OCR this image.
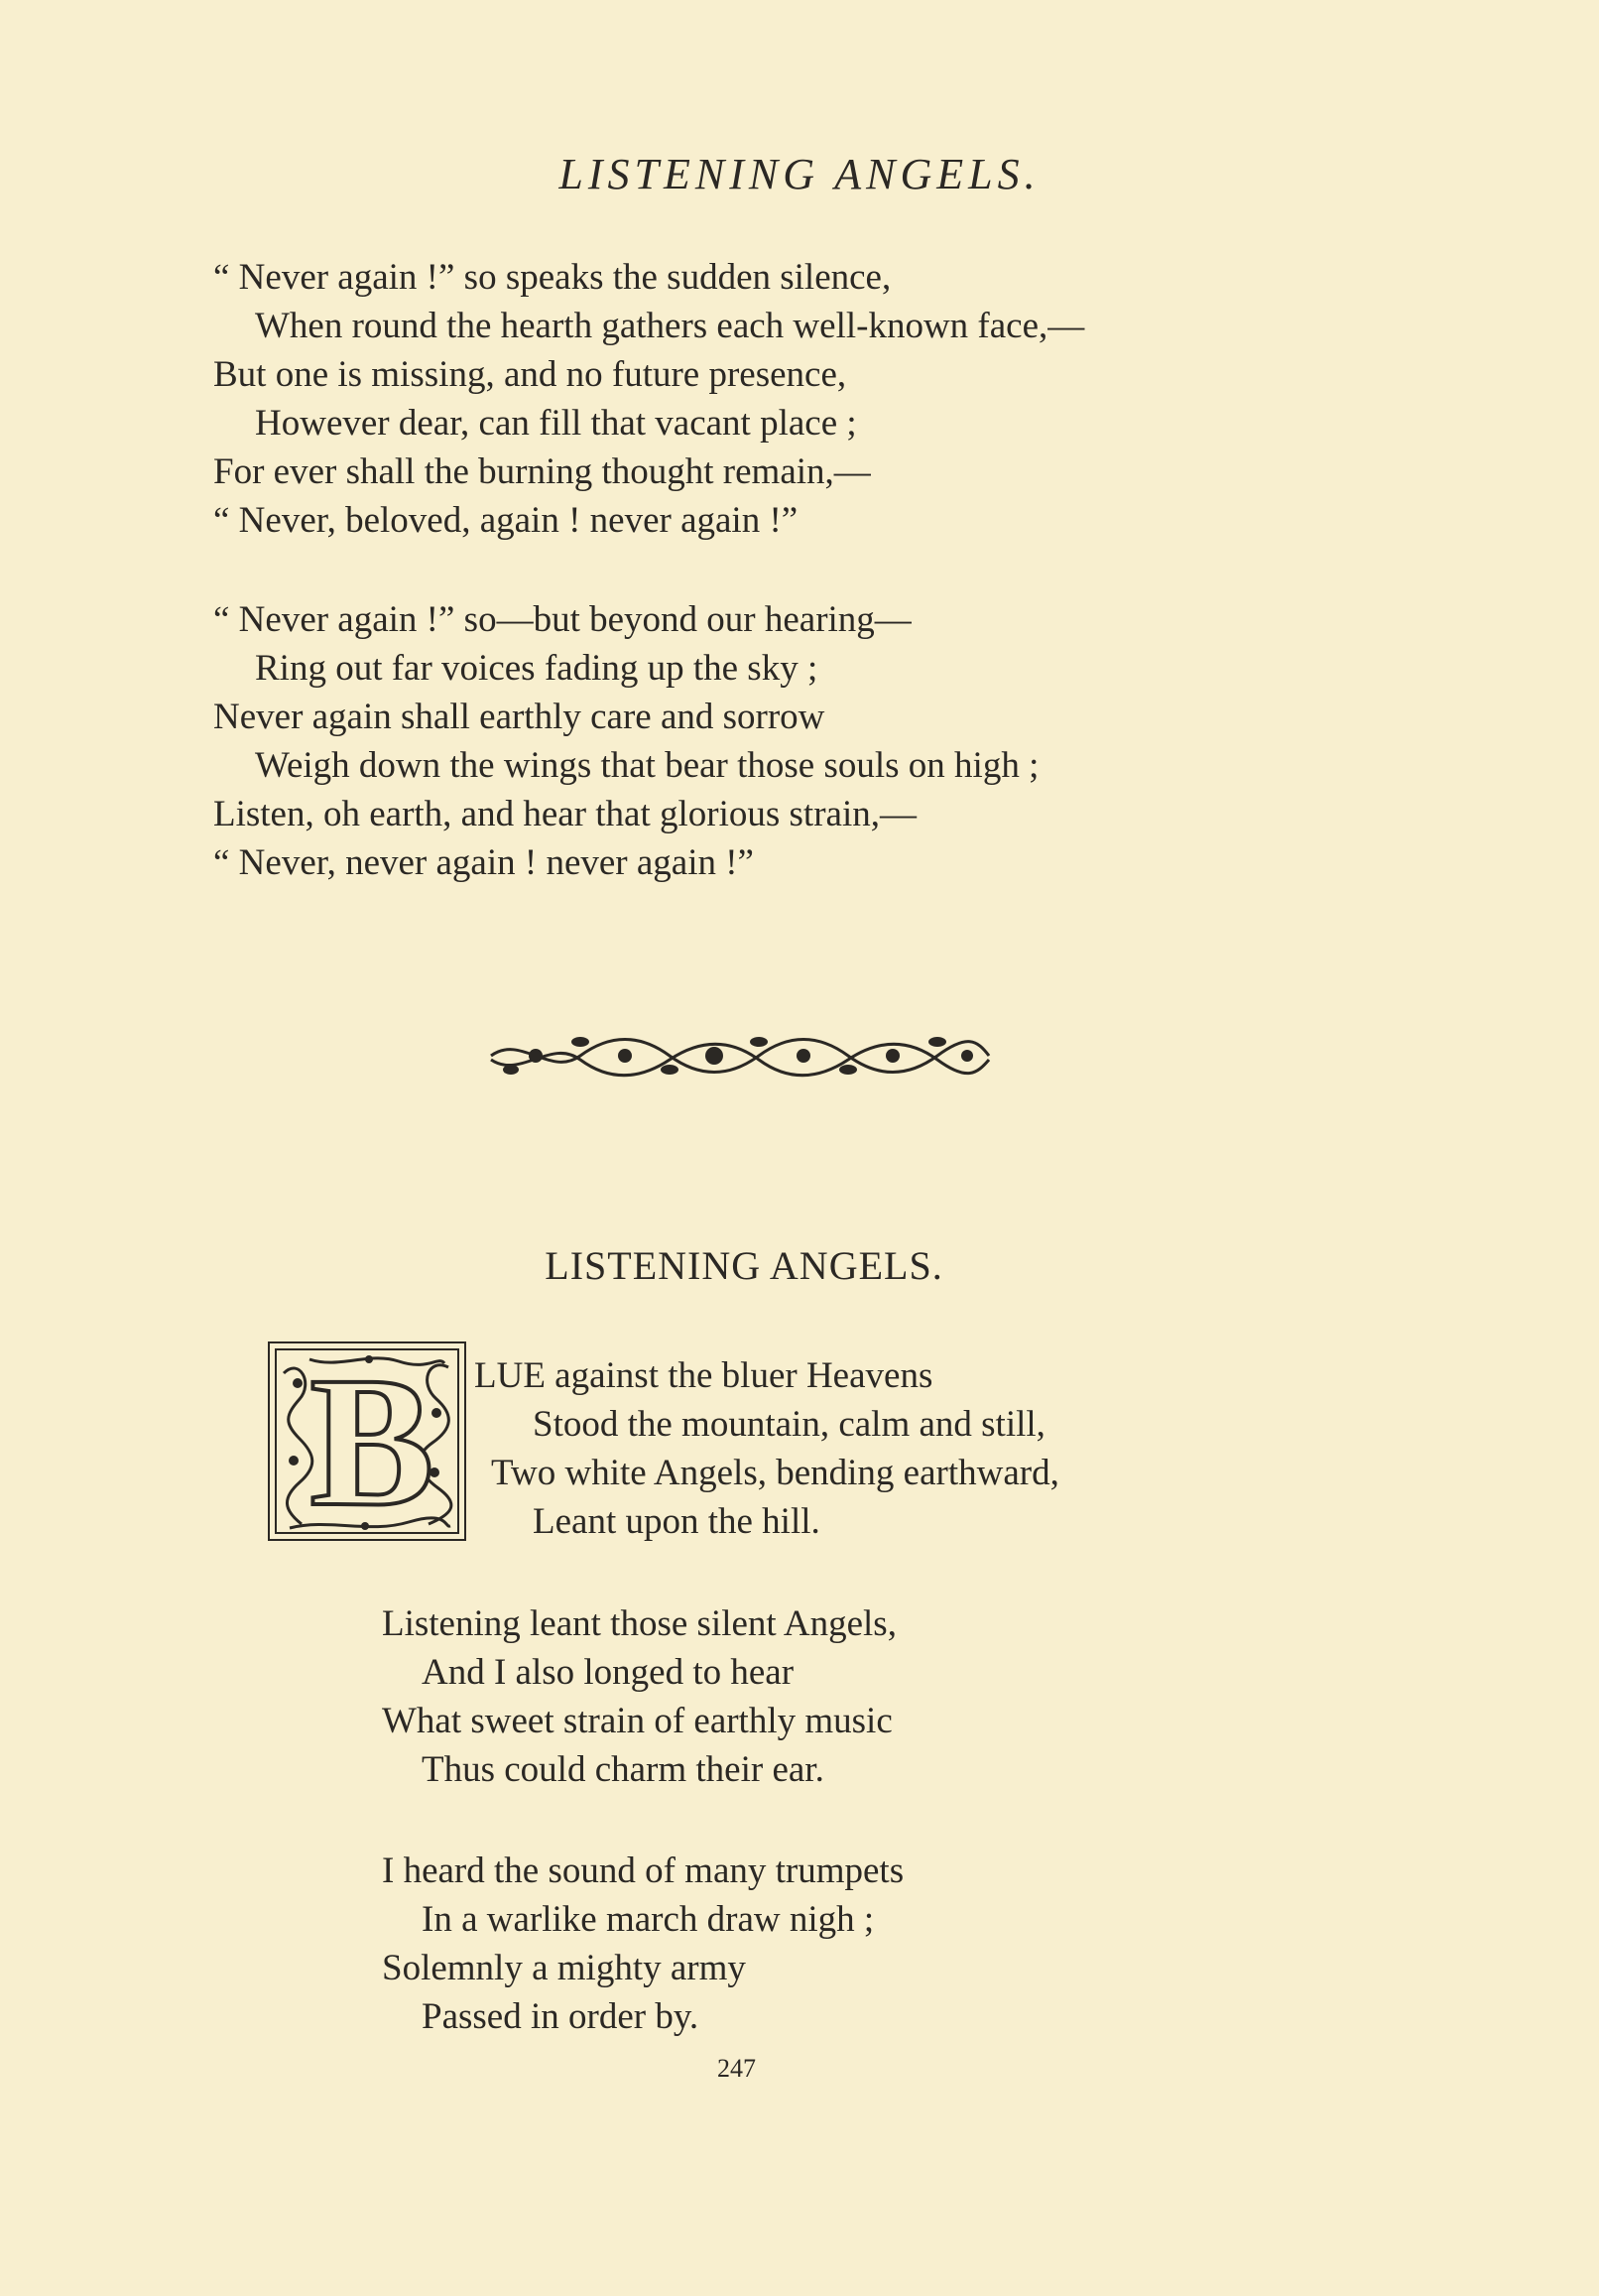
LISTENING ANGELS.
“ Never again !” so speaks the sudden silence,
When round the hearth gathers each well-known face,—
But one is missing, and no future presence,
However dear, can fill that vacant place ;
For ever shall the burning thought remain,—
“ Never, beloved, again ! never again !”
“ Never again !” so—but beyond our hearing—
Ring out far voices fading up the sky ;
Never again shall earthly care and sorrow
Weigh down the wings that bear those souls on high ;
Listen, oh earth, and hear that glorious strain,—
“ Never, never again ! never again !”
LISTENING ANGELS.
B LUE against the bluer Heavens
Stood the mountain, calm and still,
Two white Angels, bending earthward,
Leant upon the hill.
Listening leant those silent Angels,
And I also longed to hear
What sweet strain of earthly music
Thus could charm their ear.
I heard the sound of many trumpets
In a warlike march draw nigh ;
Solemnly a mighty army
Passed in order by.
247
